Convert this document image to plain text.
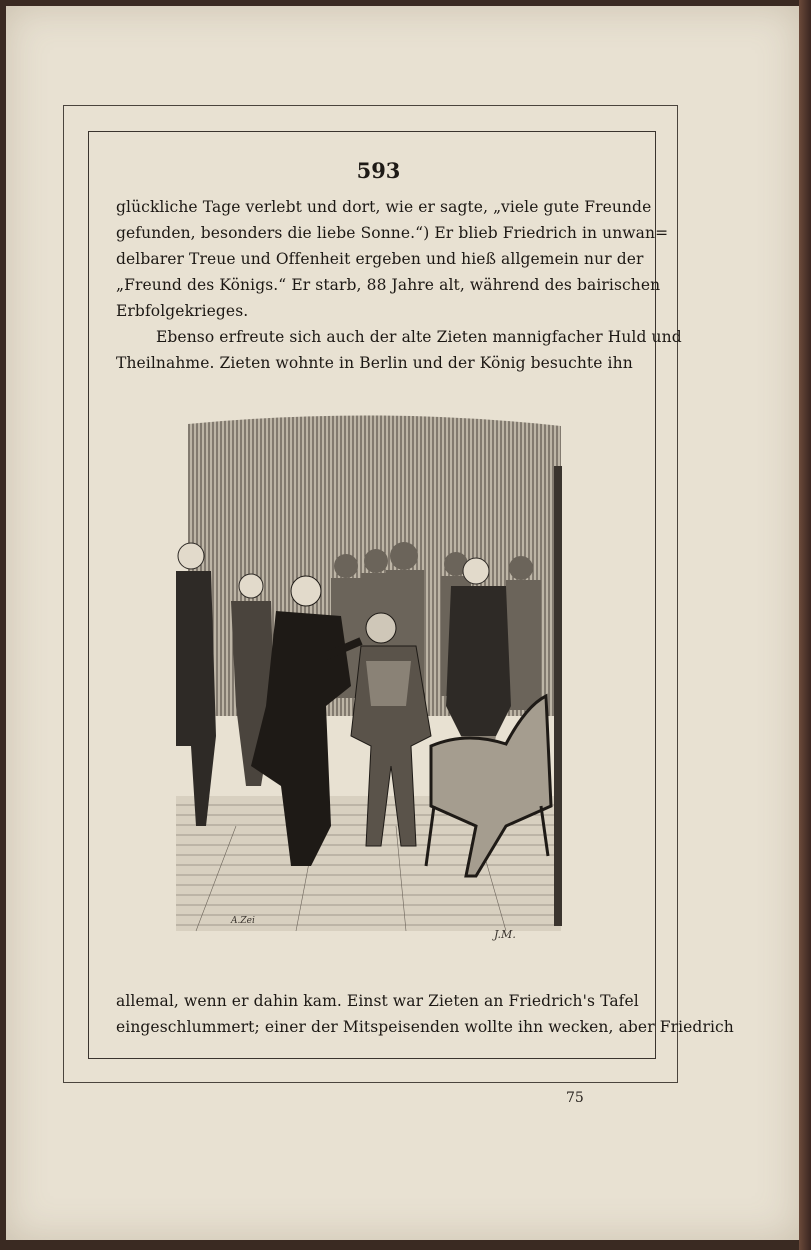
593
glückliche Tage verlebt und dort, wie er sagte, „viele gute Freunde
gefunden, besonders die liebe Sonne.“) Er blieb Friedrich in unwan=
delbarer Treue und Offenheit ergeben und hieß allgemein nur der
„Freund des Königs.“ Er starb, 88 Jahre alt, während des bairischen
Erbfolgekrieges.
Ebenso erfreute sich auch der alte Zieten mannigfacher Huld und
Theilnahme. Zieten wohnte in Berlin und der König besuchte ihn
A.Zei
J.M.
allemal, wenn er dahin kam. Einst war Zieten an Friedrich's Tafel
eingeschlummert; einer der Mitspeisenden wollte ihn wecken, aber Friedrich
75
